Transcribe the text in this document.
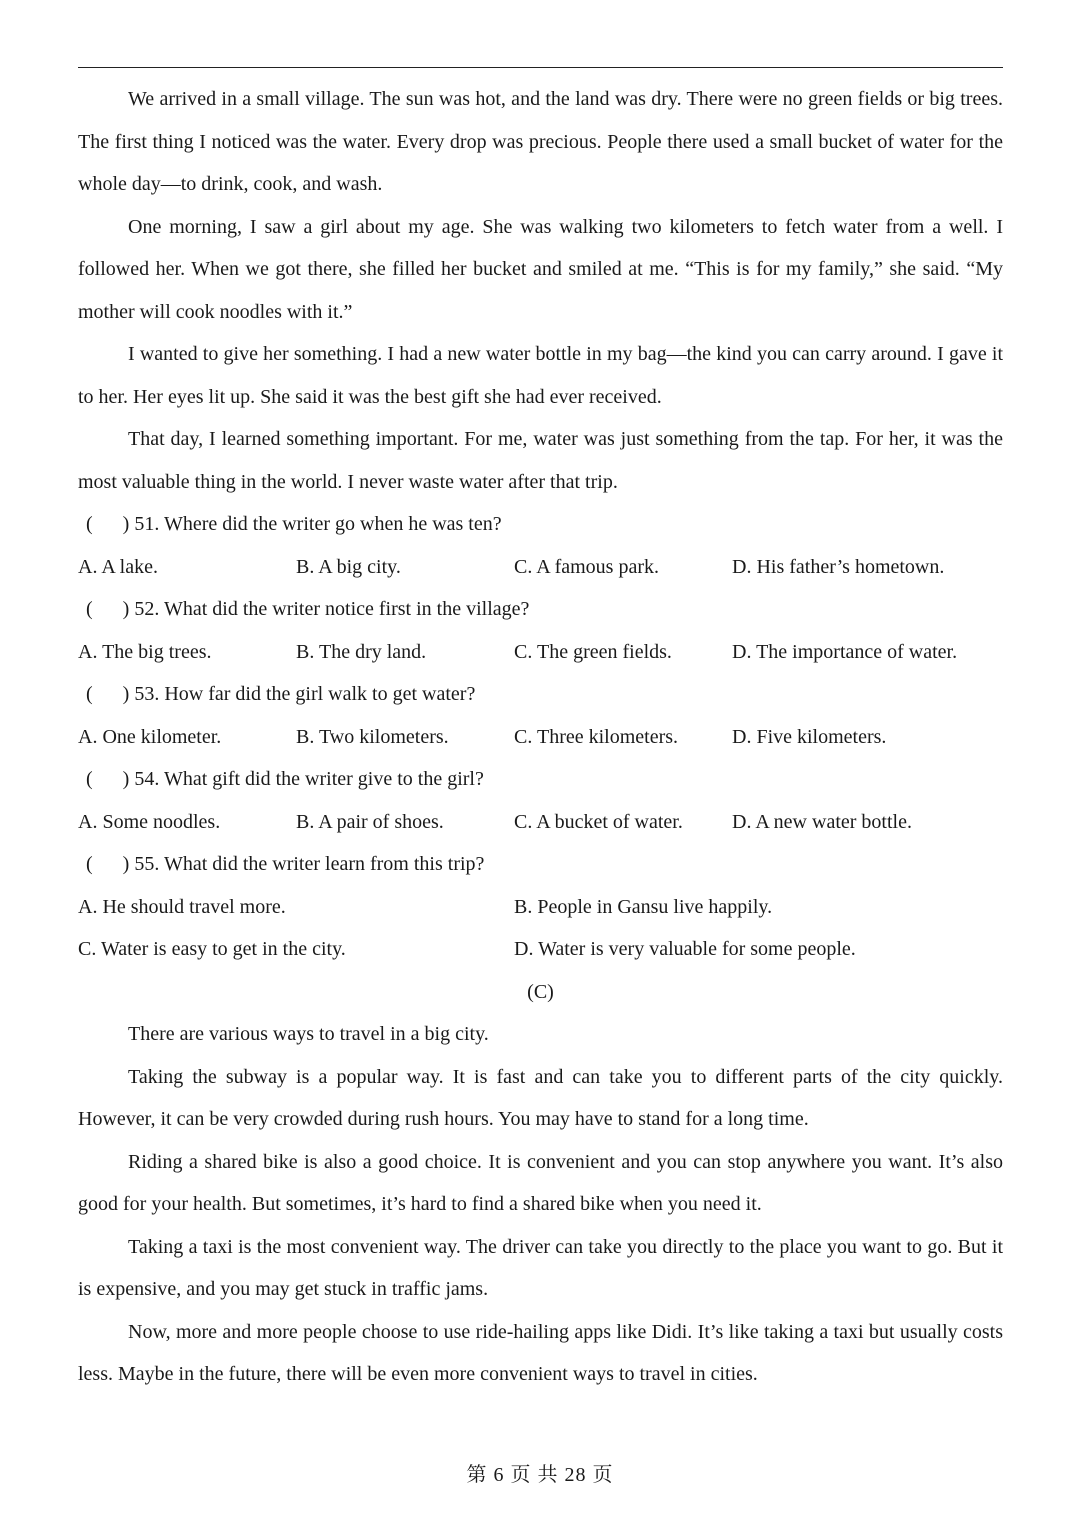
We arrived in a small village. The sun was hot, and the land was dry. There were no green fields or big trees. The first thing I noticed was the water. Every drop was precious. People there used a small bucket of water for the whole day—to drink, cook, and wash.

One morning, I saw a girl about my age. She was walking two kilometers to fetch water from a well. I followed her. When we got there, she filled her bucket and smiled at me. “This is for my family,” she said. “My mother will cook noodles with it.”

I wanted to give her something. I had a new water bottle in my bag—the kind you can carry around. I gave it to her. Her eyes lit up. She said it was the best gift she had ever received.

That day, I learned something important. For me, water was just something from the tap. For her, it was the most valuable thing in the world. I never waste water after that trip.

(      ) 51. Where did the writer go when he was ten?

A. A lake.	B. A big city.	C. A famous park.	D. His father’s hometown.

(      ) 52. What did the writer notice first in the village?

A. The big trees.	B. The dry land.	C. The green fields.	D. The importance of water.

(      ) 53. How far did the girl walk to get water?

A. One kilometer.	B. Two kilometers.	C. Three kilometers.	D. Five kilometers.

(      ) 54. What gift did the writer give to the girl?

A. Some noodles.	B. A pair of shoes.	C. A bucket of water.	D. A new water bottle.

(      ) 55. What did the writer learn from this trip?

A. He should travel more.	B. People in Gansu live happily.
C. Water is easy to get in the city.	D. Water is very valuable for some people.

(C)

There are various ways to travel in a big city.

Taking the subway is a popular way. It is fast and can take you to different parts of the city quickly. However, it can be very crowded during rush hours. You may have to stand for a long time.

Riding a shared bike is also a good choice. It is convenient and you can stop anywhere you want. It’s also good for your health. But sometimes, it’s hard to find a shared bike when you need it.

Taking a taxi is the most convenient way. The driver can take you directly to the place you want to go. But it is expensive, and you may get stuck in traffic jams.

Now, more and more people choose to use ride-hailing apps like Didi. It’s like taking a taxi but usually costs less. Maybe in the future, there will be even more convenient ways to travel in cities.

第 6 页 共 28 页
